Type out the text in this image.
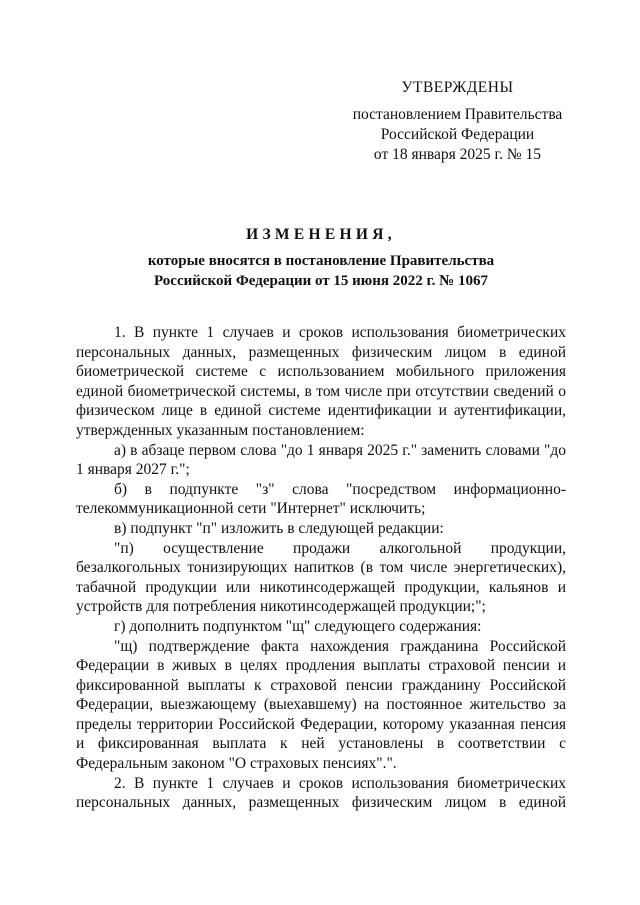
УТВЕРЖДЕНЫ
постановлением Правительства
Российской Федерации
от 18 января 2025 г. № 15
ИЗМЕНЕНИЯ,
которые вносятся в постановление Правительства
Российской Федерации от 15 июня 2022 г. № 1067

1. В пункте 1 случаев и сроков использования биометрических персональных данных, размещенных физическим лицом в единой биометрической системе с использованием мобильного приложения единой биометрической системы, в том числе при отсутствии сведений о физическом лице в единой системе идентификации и аутентификации, утвержденных указанным постановлением:

а) в абзаце первом слова "до 1 января 2025 г." заменить словами "до 1 января 2027 г.";

б) в подпункте "з" слова "посредством информационно-телекоммуникационной сети "Интернет" исключить;

в) подпункт "п" изложить в следующей редакции:

"п) осуществление продажи алкогольной продукции, безалкогольных тонизирующих напитков (в том числе энергетических), табачной продукции или никотинсодержащей продукции, кальянов и устройств для потребления никотинсодержащей продукции;";

г) дополнить подпунктом "щ" следующего содержания:

"щ) подтверждение факта нахождения гражданина Российской Федерации в живых в целях продления выплаты страховой пенсии и фиксированной выплаты к страховой пенсии гражданину Российской Федерации, выезжающему (выехавшему) на постоянное жительство за пределы территории Российской Федерации, которому указанная пенсия и фиксированная выплата к ней установлены в соответствии с Федеральным законом "О страховых пенсиях".".

2. В пункте 1 случаев и сроков использования биометрических персональных данных, размещенных физическим лицом в единой
